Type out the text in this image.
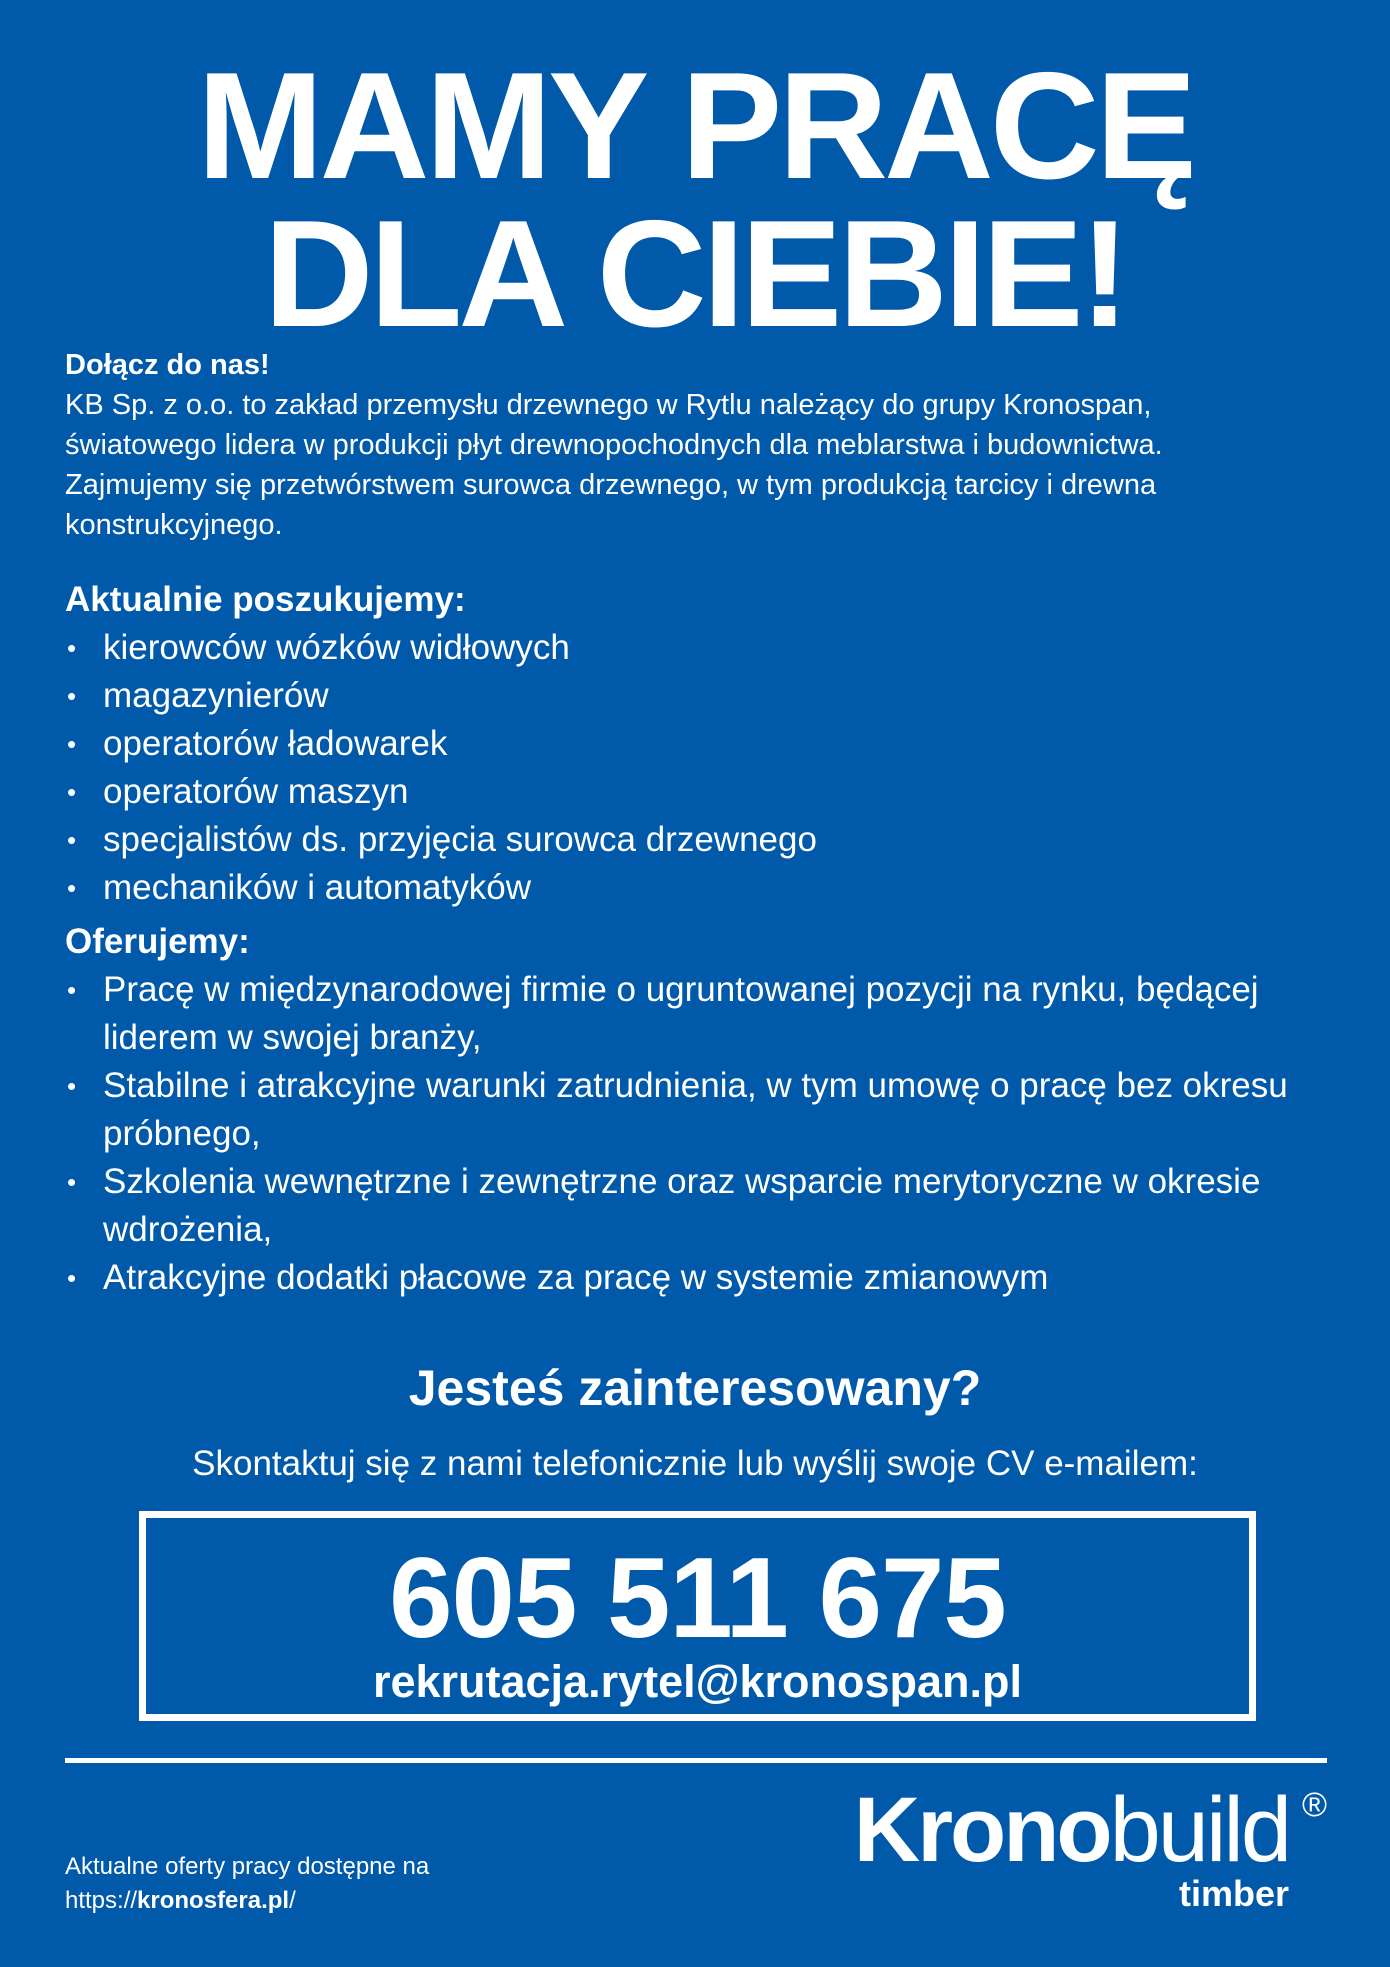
MAMY PRACĘ
DLA CIEBIE!
Dołącz do nas!
KB Sp. z o.o. to zakład przemysłu drzewnego w Rytlu należący do grupy Kronospan, światowego lidera w produkcji płyt drewnopochodnych dla meblarstwa i budownictwa. Zajmujemy się przetwórstwem surowca drzewnego, w tym produkcją tarcicy i drewna konstrukcyjnego.
Aktualnie poszukujemy:
• kierowców wózków widłowych
• magazynierów
• operatorów ładowarek
• operatorów maszyn
• specjalistów ds. przyjęcia surowca drzewnego
• mechaników i automatyków
Oferujemy:
• Pracę w międzynarodowej firmie o ugruntowanej pozycji na rynku, będącej liderem w swojej branży,
• Stabilne i atrakcyjne warunki zatrudnienia, w tym umowę o pracę bez okresu próbnego,
• Szkolenia wewnętrzne i zewnętrzne oraz wsparcie merytoryczne w okresie wdrożenia,
• Atrakcyjne dodatki płacowe za pracę w systemie zmianowym
Jesteś zainteresowany?
Skontaktuj się z nami telefonicznie lub wyślij swoje CV e-mailem:
605 511 675
rekrutacja.rytel@kronospan.pl
Aktualne oferty pracy dostępne na
https://kronosfera.pl/
Kronobuild ®
timber
